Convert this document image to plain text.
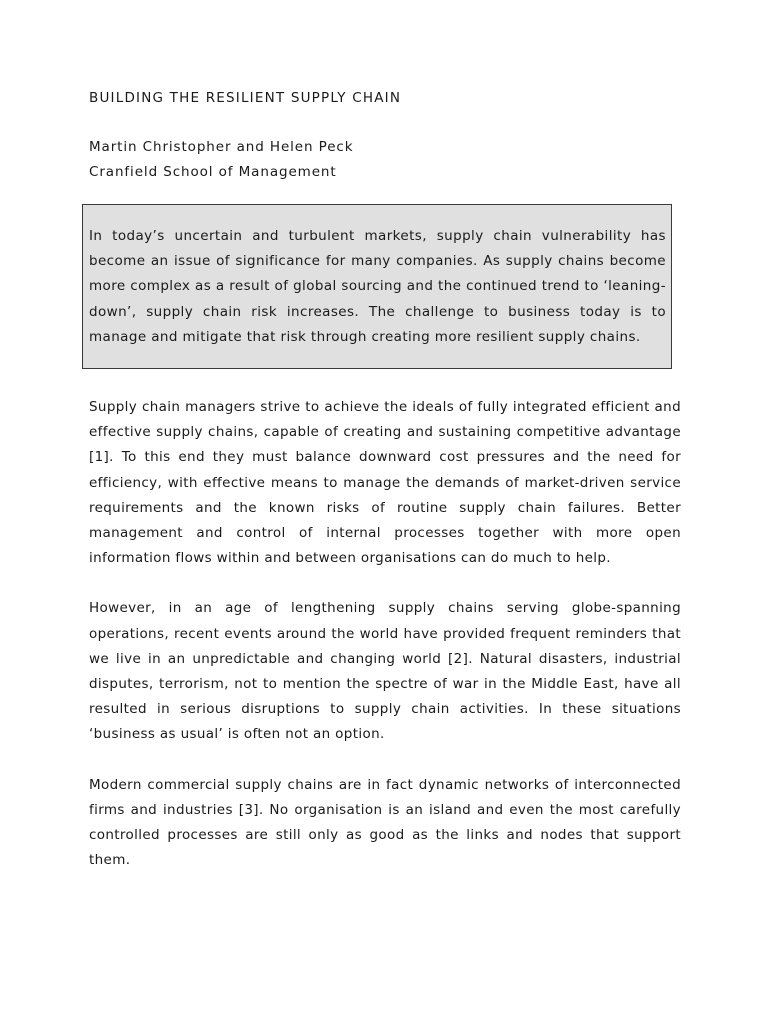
BUILDING THE RESILIENT SUPPLY CHAIN
Martin Christopher and Helen Peck
Cranfield School of Management

In today’s uncertain and turbulent markets, supply chain vulnerability has become an issue of significance for many companies. As supply chains become more complex as a result of global sourcing and the continued trend to ‘leaning-down’, supply chain risk increases. The challenge to business today is to manage and mitigate that risk through creating more resilient supply chains.

Supply chain managers strive to achieve the ideals of fully integrated efficient and effective supply chains, capable of creating and sustaining competitive advantage [1]. To this end they must balance downward cost pressures and the need for efficiency, with effective means to manage the demands of market-driven service requirements and the known risks of routine supply chain failures. Better management and control of internal processes together with more open information flows within and between organisations can do much to help.

However, in an age of lengthening supply chains serving globe-spanning operations, recent events around the world have provided frequent reminders that we live in an unpredictable and changing world [2]. Natural disasters, industrial disputes, terrorism, not to mention the spectre of war in the Middle East, have all resulted in serious disruptions to supply chain activities. In these situations ‘business as usual’ is often not an option.

Modern commercial supply chains are in fact dynamic networks of interconnected firms and industries [3]. No organisation is an island and even the most carefully controlled processes are still only as good as the links and nodes that support them.
